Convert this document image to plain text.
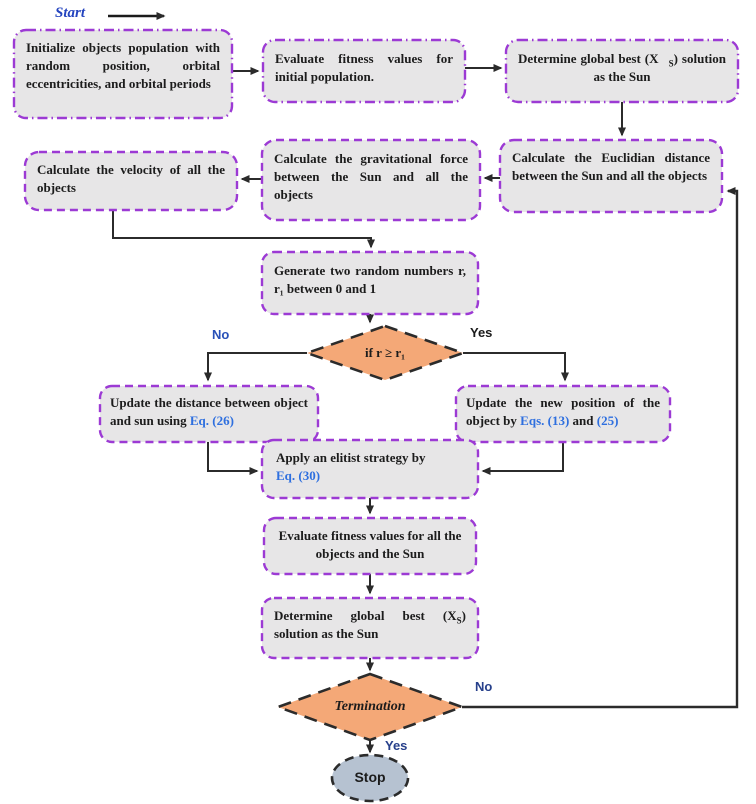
Start
Initialize objects population with random position, orbital eccentricities, and orbital periods
Evaluate fitness values for initial population.
Determine global best $(X⃗_S)$ solution as the Sun
Calculate the Euclidian distance between the Sun and all the objects
Calculate the gravitational force between the Sun and all the objects
Calculate the velocity of all the objects
Generate two random numbers r, r₁ between 0 and 1
if r ≥ r₁
Update the distance between object and sun using Eq. (26)
Update the new position of the object by Eqs. (13) and (25)
Apply an elitist strategy by
Eq. (30)
Evaluate fitness values for all the objects and the Sun
Determine global best $(X_S)$ solution as the Sun
Termination
Stop
No	Yes
No
Yes
